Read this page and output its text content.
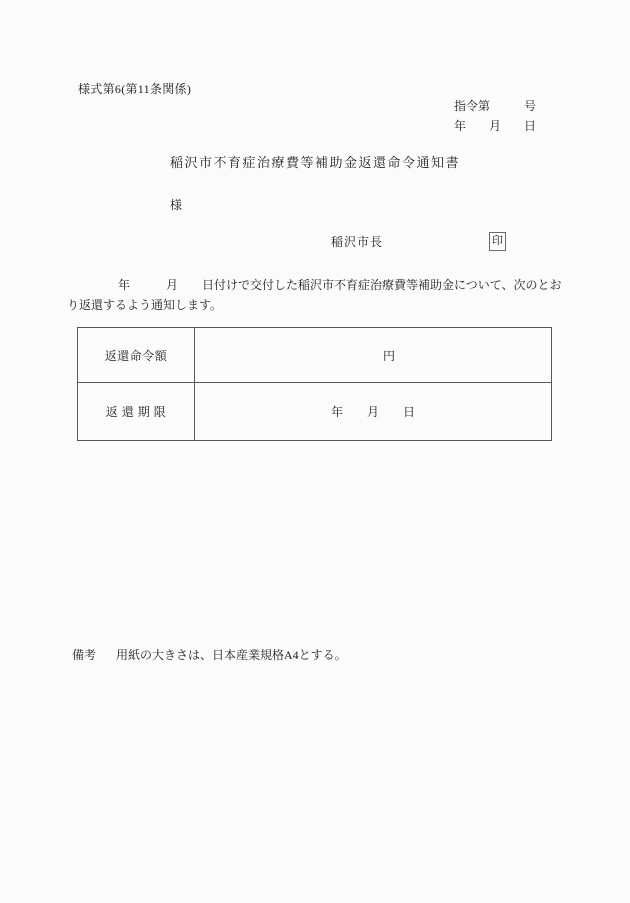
様式第6(第11条関係)
指令第	号
年 月 日
稲沢市不育症治療費等補助金返還命令通知書
様
稲沢市長	印

年　　　月　　日付けで交付した稲沢市不育症治療費等補助金について、次のとお

り返還するよう通知します。

返還命令額	円
返 還 期 限	年　　月　　日
備考 用紙の大きさは、日本産業規格A4とする。
